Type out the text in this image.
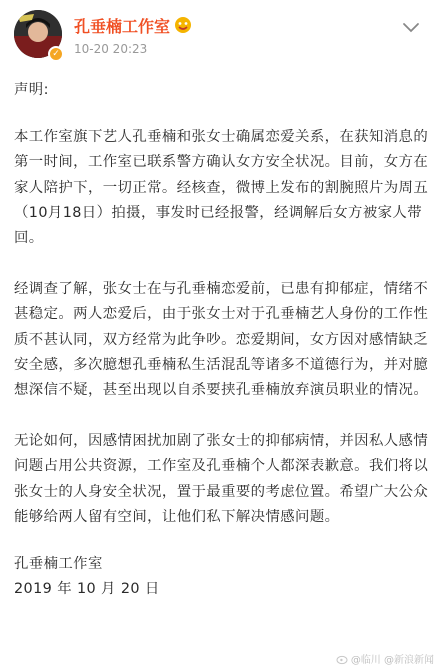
✓
孔垂楠工作室
10-20 20:23

声明:

本工作室旗下艺人孔垂楠和张女士确属恋爱关系，在获知消息的第一时间，工作室已联系警方确认女方安全状况。目前，女方在家人陪护下，一切正常。经核查，微博上发布的割腕照片为周五（10月18日）拍摄，事发时已经报警，经调解后女方被家人带回。

经调查了解，张女士在与孔垂楠恋爱前，已患有抑郁症，情绪不甚稳定。两人恋爱后，由于张女士对于孔垂楠艺人身份的工作性质不甚认同，双方经常为此争吵。恋爱期间，女方因对感情缺乏安全感，多次臆想孔垂楠私生活混乱等诸多不道德行为，并对臆想深信不疑，甚至出现以自杀要挟孔垂楠放弃演员职业的情况。

无论如何，因感情困扰加剧了张女士的抑郁病情，并因私人感情问题占用公共资源，工作室及孔垂楠个人都深表歉意。我们将以张女士的人身安全状况，置于最重要的考虑位置。希望广大公众能够给两人留有空间，让他们私下解决情感问题。

孔垂楠工作室

2019 年 10 月 20 日

@临川 @新浪新闻
